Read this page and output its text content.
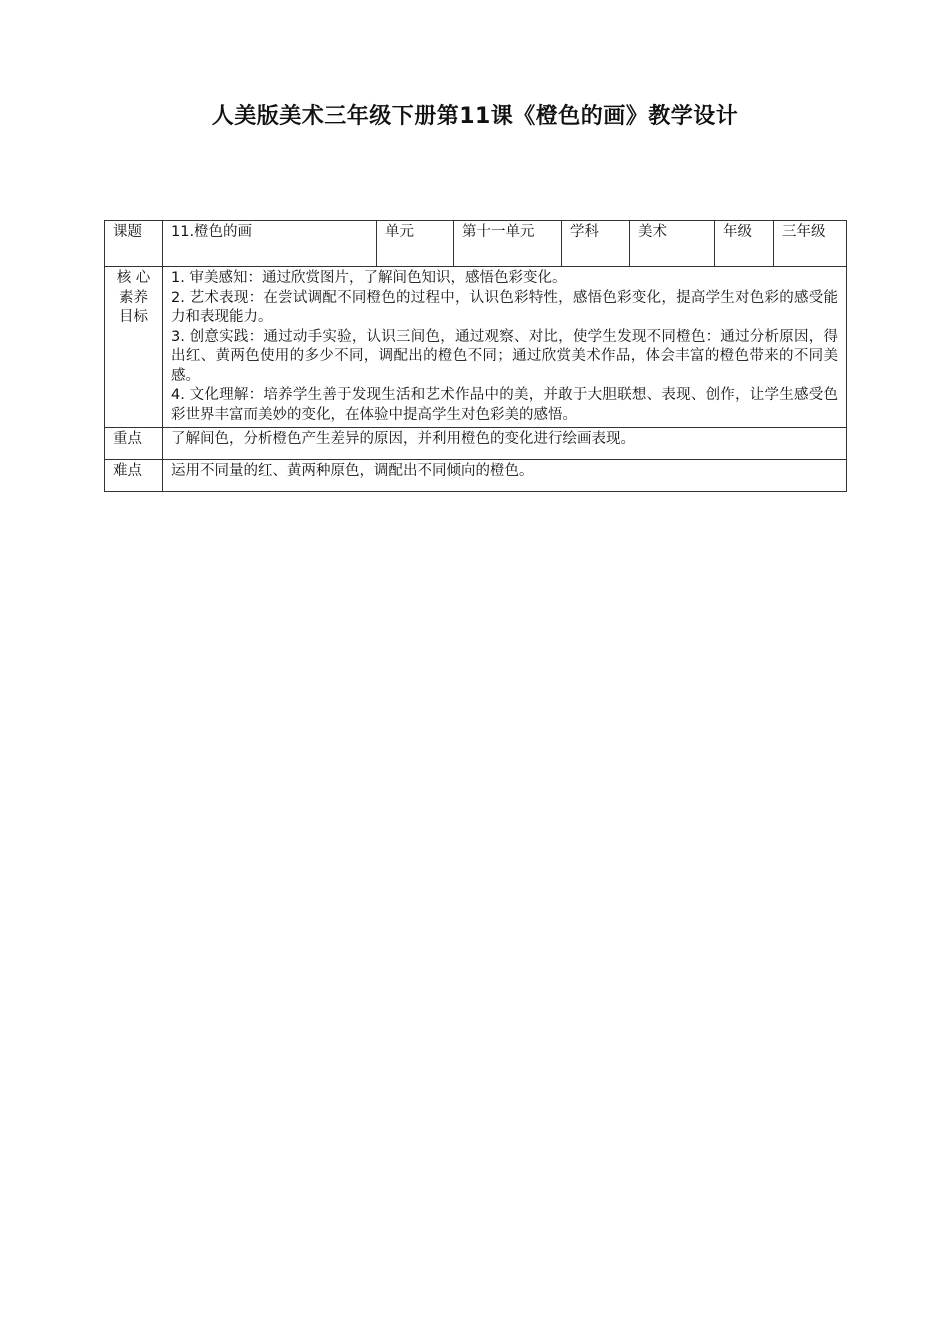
人美版美术三年级下册第11课《橙色的画》教学设计
课题	11.橙色的画	单元	第十一单元	学科	美术	年级	三年级
核 心 素养目标	1. 审美感知：通过欣赏图片，了解间色知识，感悟色彩变化。
2. 艺术表现：在尝试调配不同橙色的过程中，认识色彩特性，感悟色彩变化，提高学生对色彩的感受能力和表现能力。
3. 创意实践：通过动手实验，认识三间色，通过观察、对比，使学生发现不同橙色：通过分析原因，得出红、黄两色使用的多少不同，调配出的橙色不同；通过欣赏美术作品，体会丰富的橙色带来的不同美感。
4. 文化理解：培养学生善于发现生活和艺术作品中的美，并敢于大胆联想、表现、创作，让学生感受色彩世界丰富而美妙的变化，在体验中提高学生对色彩美的感悟。						

重点	了解间色，分析橙色产生差异的原因，并利用橙色的变化进行绘画表现。						
难点	运用不同量的红、黄两种原色，调配出不同倾向的橙色。						
